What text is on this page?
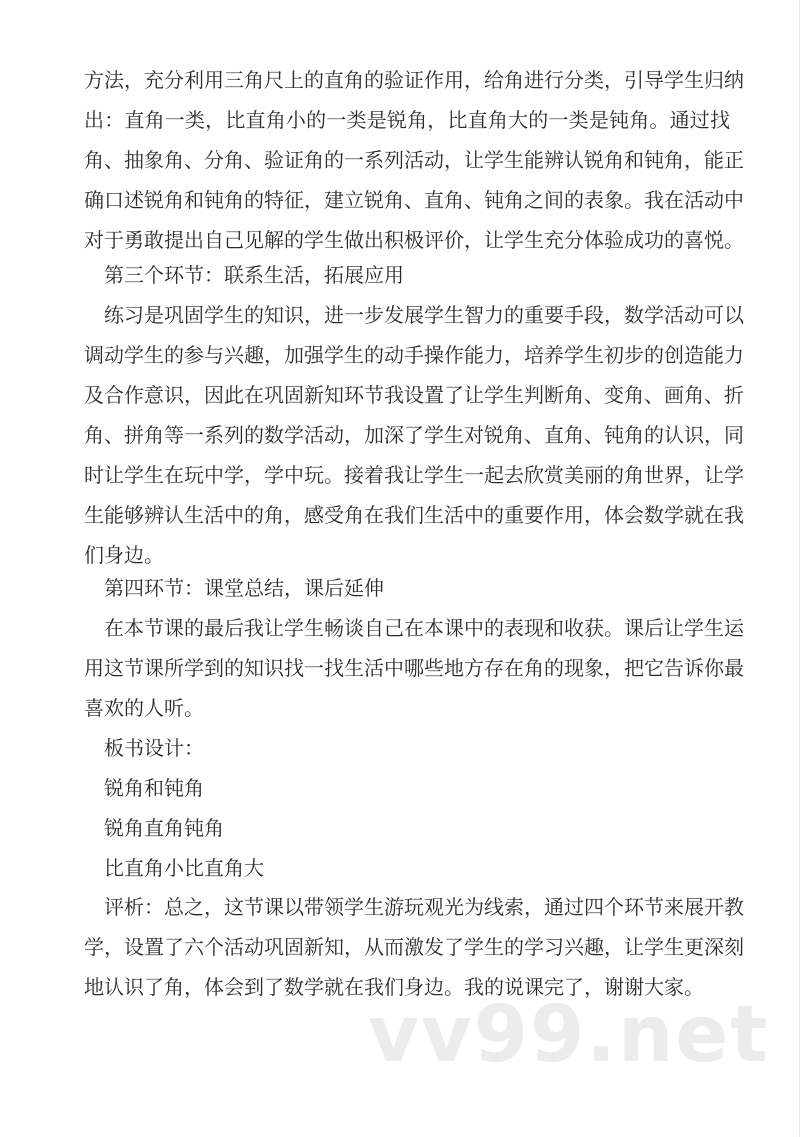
方法，充分利用三角尺上的直角的验证作用，给角进行分类，引导学生归纳
出：直角一类，比直角小的一类是锐角，比直角大的一类是钝角。通过找
角、抽象角、分角、验证角的一系列活动，让学生能辨认锐角和钝角，能正
确口述锐角和钝角的特征，建立锐角、直角、钝角之间的表象。我在活动中
对于勇敢提出自己见解的学生做出积极评价，让学生充分体验成功的喜悦。
第三个环节：联系生活，拓展应用
练习是巩固学生的知识，进一步发展学生智力的重要手段，数学活动可以
调动学生的参与兴趣，加强学生的动手操作能力，培养学生初步的创造能力
及合作意识，因此在巩固新知环节我设置了让学生判断角、变角、画角、折
角、拼角等一系列的数学活动，加深了学生对锐角、直角、钝角的认识，同
时让学生在玩中学，学中玩。接着我让学生一起去欣赏美丽的角世界，让学
生能够辨认生活中的角，感受角在我们生活中的重要作用，体会数学就在我
们身边。
第四环节：课堂总结，课后延伸
在本节课的最后我让学生畅谈自己在本课中的表现和收获。课后让学生运
用这节课所学到的知识找一找生活中哪些地方存在角的现象，把它告诉你最
喜欢的人听。
板书设计：
锐角和钝角
锐角直角钝角
比直角小比直角大
评析：总之，这节课以带领学生游玩观光为线索，通过四个环节来展开教
学，设置了六个活动巩固新知，从而激发了学生的学习兴趣，让学生更深刻
地认识了角，体会到了数学就在我们身边。我的说课完了，谢谢大家。
vv99.net
